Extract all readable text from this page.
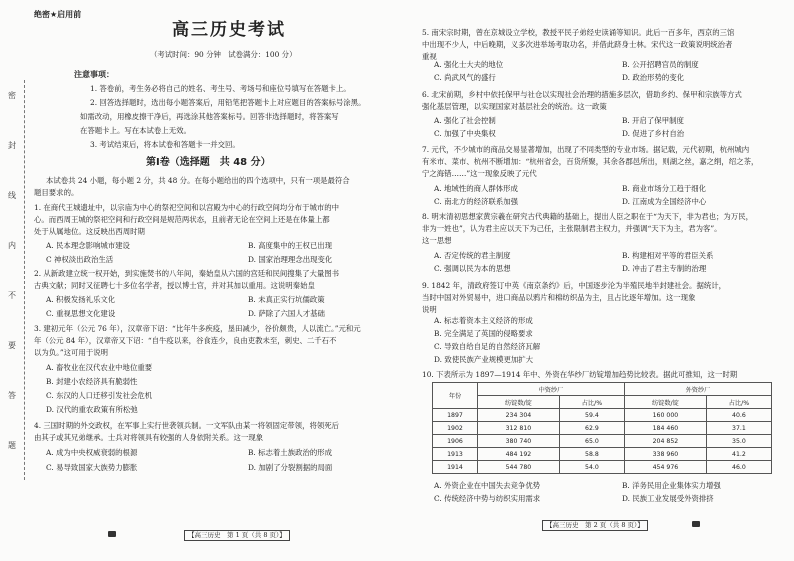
密
封
线
内
不
要
答
题
绝密★启用前
高三历史考试
（考试时间：90 分钟　试卷满分：100 分）
注意事项：
1. 答卷前，考生务必将自己的姓名、考生号、考场号和座位号填写在答题卡上。
2. 回答选择题时，选出每小题答案后，用铅笔把答题卡上对应题目的答案标号涂黑。
如需改动，用橡皮擦干净后，再选涂其他答案标号。回答非选择题时，将答案写
在答题卡上。写在本试卷上无效。
3. 考试结束后，将本试卷和答题卡一并交回。
第Ⅰ卷（选择题　共 48 分）
本试卷共 24 小题，每小题 2 分，共 48 分。在每小题给出的四个选项中，只有一项是最符合
题目要求的。
1. 在商代王城遗址中，以宗庙为中心的祭祀空间和以宫殿为中心的行政空间均分布于城市的中
心。而西周王城的祭祀空间和行政空间是规范两状态，且前者无论在空间上还是在体量上都
处于从属地位。这反映出西周时期
A. 民本理念影响城市建设	B. 高度集中的王权已出现
C 神权淡出政治生活	D. 国家治理理念出现变化
2. 从新政建立统一权开始，到实施焚书的八年间，秦始皇从六国的宫廷和民间搜集了大量图书
古典文献；同时又征聘七十多位名学者，授以博士官，并对其加以重用。这说明秦始皇
A. 积极发扬礼乐文化	B. 未真正实行坑儒政策
C. 重视思想文化建设	D. 萨除了六国人才基础
3. 建初元年（公元 76 年），汉章帝下诏：“比年牛多疾疫，垦田减少，谷价颇贵，人以流亡。”元和元
年（公元 84 年），汉章帝又下诏：“自牛疫以来，谷食连少，良由吏教未至，刺史、二千石不
以为负。”这可用于说明
A. 畜牧业在汉代农业中地位重要
B. 封建小农经济具有脆弱性
C. 东汉的人口迁移引发社会危机
D. 汉代的重农政策有所松弛
4. 三国时期的外交政权，在军事上实行世袭领兵制。一文军队由某一将领固定带领，将领死后
由其子或其兄弟继承。士兵对将领具有较强的人身依附关系。这一现象
A. 成为中央权威衰弱的根源	B. 标志着土族政治的形成
C. 易导致国家大族势力膨胀	D. 加剧了分裂割据的局面
【高三历史　第 1 页（共 8 页）】
5. 南宋宗时期，曾在京城设立学校，教授平民子弟经史读诵等知识。此后一百多年，西京的三馆
中出现不少人，中后晚期，义多次进举场考取功名，并借此跻身士林。宋代这一政策说明统治者
重视
A. 强化士大夫的地位	B. 公开招聘官员的制度
C. 尚武风气的盛行	D. 政治形势的变化
6. 北宋前期，乡村中依托保甲与社仓以实现社会治理的措施多层次，借助乡约、保甲和宗族等方式
强化基层管理，以实现国家对基层社会的统治。这一政策
A. 强化了社会控制	B. 开启了保甲制度
C. 加强了中央集权	D. 促进了乡村自治
7. 元代，不少城市的商品交易显著增加，出现了不同类型的专业市场。据记载，元代初期，杭州城内
有米市、菜市、杭州不断增加：“杭州省会，百货所聚，其余各郡邑所出，则湖之丝，嘉之绢，绍之茶，
宁之海错……”这一现象反映了元代
A. 地域性的商人群体形成	B. 商业市场分工趋于细化
C. 南北方的经济联系加强	D. 江南成为全国经济中心
8. 明末清初思想家黄宗羲在研究古代典籍的基础上，提出人臣之职在于“为天下，非为君也；为万民，
非为一姓也”，认为君主应以天下为己任，主张限制君主权力，并强调“天下为主，君为客”。
这一思想
A. 否定传统的君主制度	B. 构建相对平等的君臣关系
C. 强调以民为本的思想	D. 冲击了君主专制的治理
9. 1842 年，清政府签订中英《南京条约》后，中国逐步沦为半殖民地半封建社会。据统计，
当时中国对外贸易中，进口商品以鸦片和棉纺织品为主，且占比逐年增加。这一现象
说明
A. 标志着资本主义经济的形成
B. 完全满足了英国的侵略要求
C. 导致自给自足的自然经济瓦解
D. 致使民族产业规模更加扩大
10. 下表所示为 1897—1914 年中、外资在华纱厂纺锭增加趋势比较表。据此可推知，这一时期
年份	中资纱厂		外资纱厂	
	纺锭数/锭	占比/%	纺锭数/锭	占比/%
1897	234 304	59.4	160 000	40.6
1902	312 810	62.9	184 460	37.1
1906	380 740	65.0	204 852	35.0
1913	484 192	58.8	338 960	41.2
1914	544 780	54.0	454 976	46.0
A. 外资企业在中国失去竞争优势	B. 洋务民用企业集体实力增强
C. 传统经济中势与纺织实用需求	D. 民族工业发展受外资排挤
【高三历史　第 2 页（共 8 页）】
